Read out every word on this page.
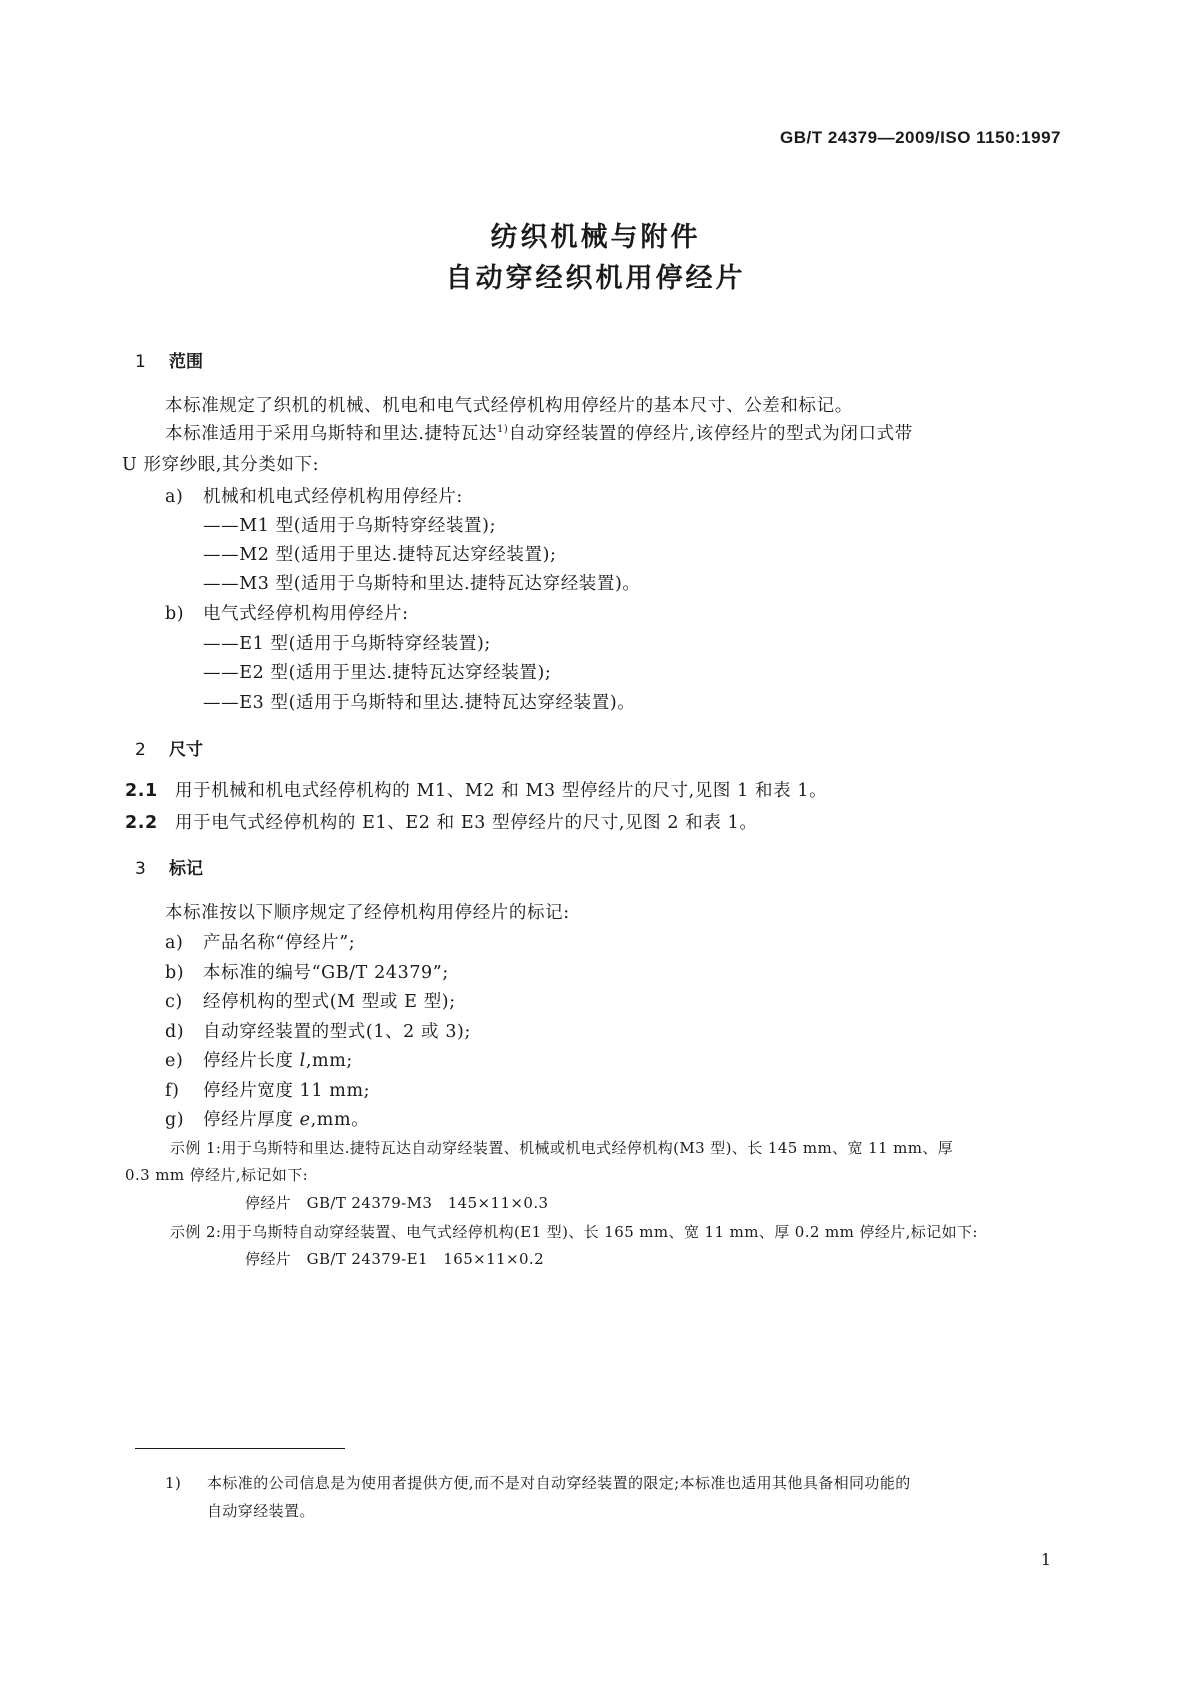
GB/T 24379—2009/ISO 1150:1997
纺织机械与附件
自动穿经织机用停经片
1 范围
本标准规定了织机的机械、机电和电气式经停机构用停经片的基本尺寸、公差和标记。
本标准适用于采用乌斯特和里达.捷特瓦达$^{1)}$自动穿经装置的停经片,该停经片的型式为闭口式带
U 形穿纱眼,其分类如下:
a) 机械和机电式经停机构用停经片:
——M1 型(适用于乌斯特穿经装置);
——M2 型(适用于里达.捷特瓦达穿经装置);
——M3 型(适用于乌斯特和里达.捷特瓦达穿经装置)。
b) 电气式经停机构用停经片:
——E1 型(适用于乌斯特穿经装置);
——E2 型(适用于里达.捷特瓦达穿经装置);
——E3 型(适用于乌斯特和里达.捷特瓦达穿经装置)。
2 尺寸
2.1 用于机械和机电式经停机构的 M1、M2 和 M3 型停经片的尺寸,见图 1 和表 1。
2.2 用于电气式经停机构的 E1、E2 和 E3 型停经片的尺寸,见图 2 和表 1。
3 标记
本标准按以下顺序规定了经停机构用停经片的标记:
a) 产品名称“停经片”;
b) 本标准的编号“GB/T 24379”;
c) 经停机构的型式(M 型或 E 型);
d) 自动穿经装置的型式(1、2 或 3);
e) 停经片长度 l,mm;
f) 停经片宽度 11 mm;
g) 停经片厚度 e,mm。
示例 1:用于乌斯特和里达.捷特瓦达自动穿经装置、机械或机电式经停机构(M3 型)、长 145 mm、宽 11 mm、厚
0.3 mm 停经片,标记如下:
停经片　GB/T 24379-M3　145×11×0.3
示例 2:用于乌斯特自动穿经装置、电气式经停机构(E1 型)、长 165 mm、宽 11 mm、厚 0.2 mm 停经片,标记如下:
停经片　GB/T 24379-E1　165×11×0.2
1) 本标准的公司信息是为使用者提供方便,而不是对自动穿经装置的限定;本标准也适用其他具备相同功能的
自动穿经装置。
1
